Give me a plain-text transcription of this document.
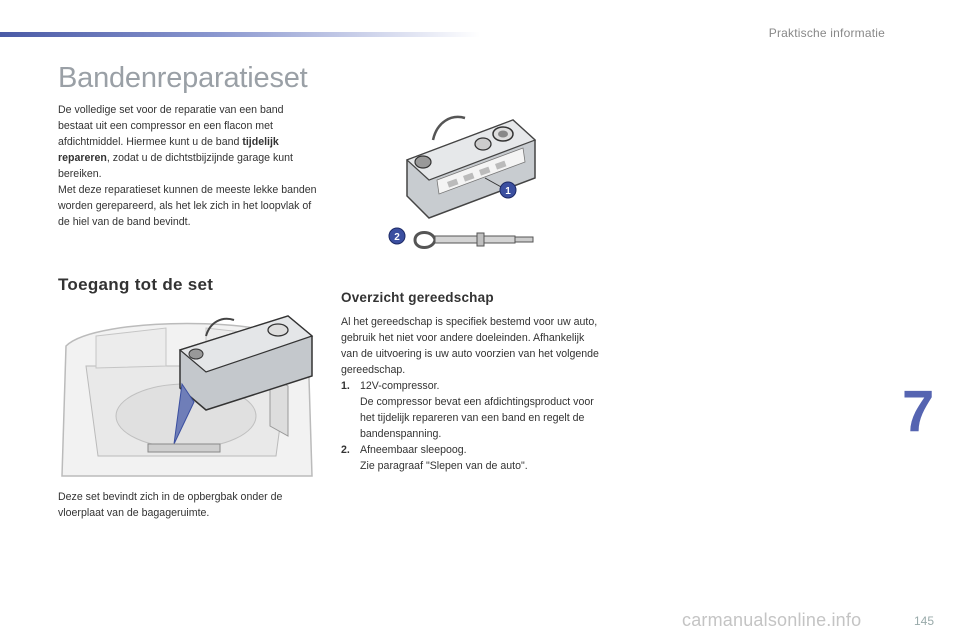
Praktische informatie
Bandenreparatieset

De volledige set voor de reparatie van een band bestaat uit een compressor en een flacon met afdichtmiddel. Hiermee kunt u de band tijdelijk repareren, zodat u de dichtstbijzijnde garage kunt bereiken.

Met deze reparatieset kunnen de meeste lekke banden worden gerepareerd, als het lek zich in het loopvlak of de hiel van de band bevindt.

1
2
Toegang tot de set

Deze set bevindt zich in de opbergbak onder de vloerplaat van de bagageruimte.

Overzicht gereedschap

Al het gereedschap is specifiek bestemd voor uw auto, gebruik het niet voor andere doeleinden. Afhankelijk van de uitvoering is uw auto voorzien van het volgende gereedschap.

1. 12V-compressor.
De compressor bevat een afdichtingsproduct voor het tijdelijk repareren van een band en regelt de bandenspanning.
2. Afneembaar sleepoog.
Zie paragraaf "Slepen van de auto".
7
carmanualsonline.info	145
